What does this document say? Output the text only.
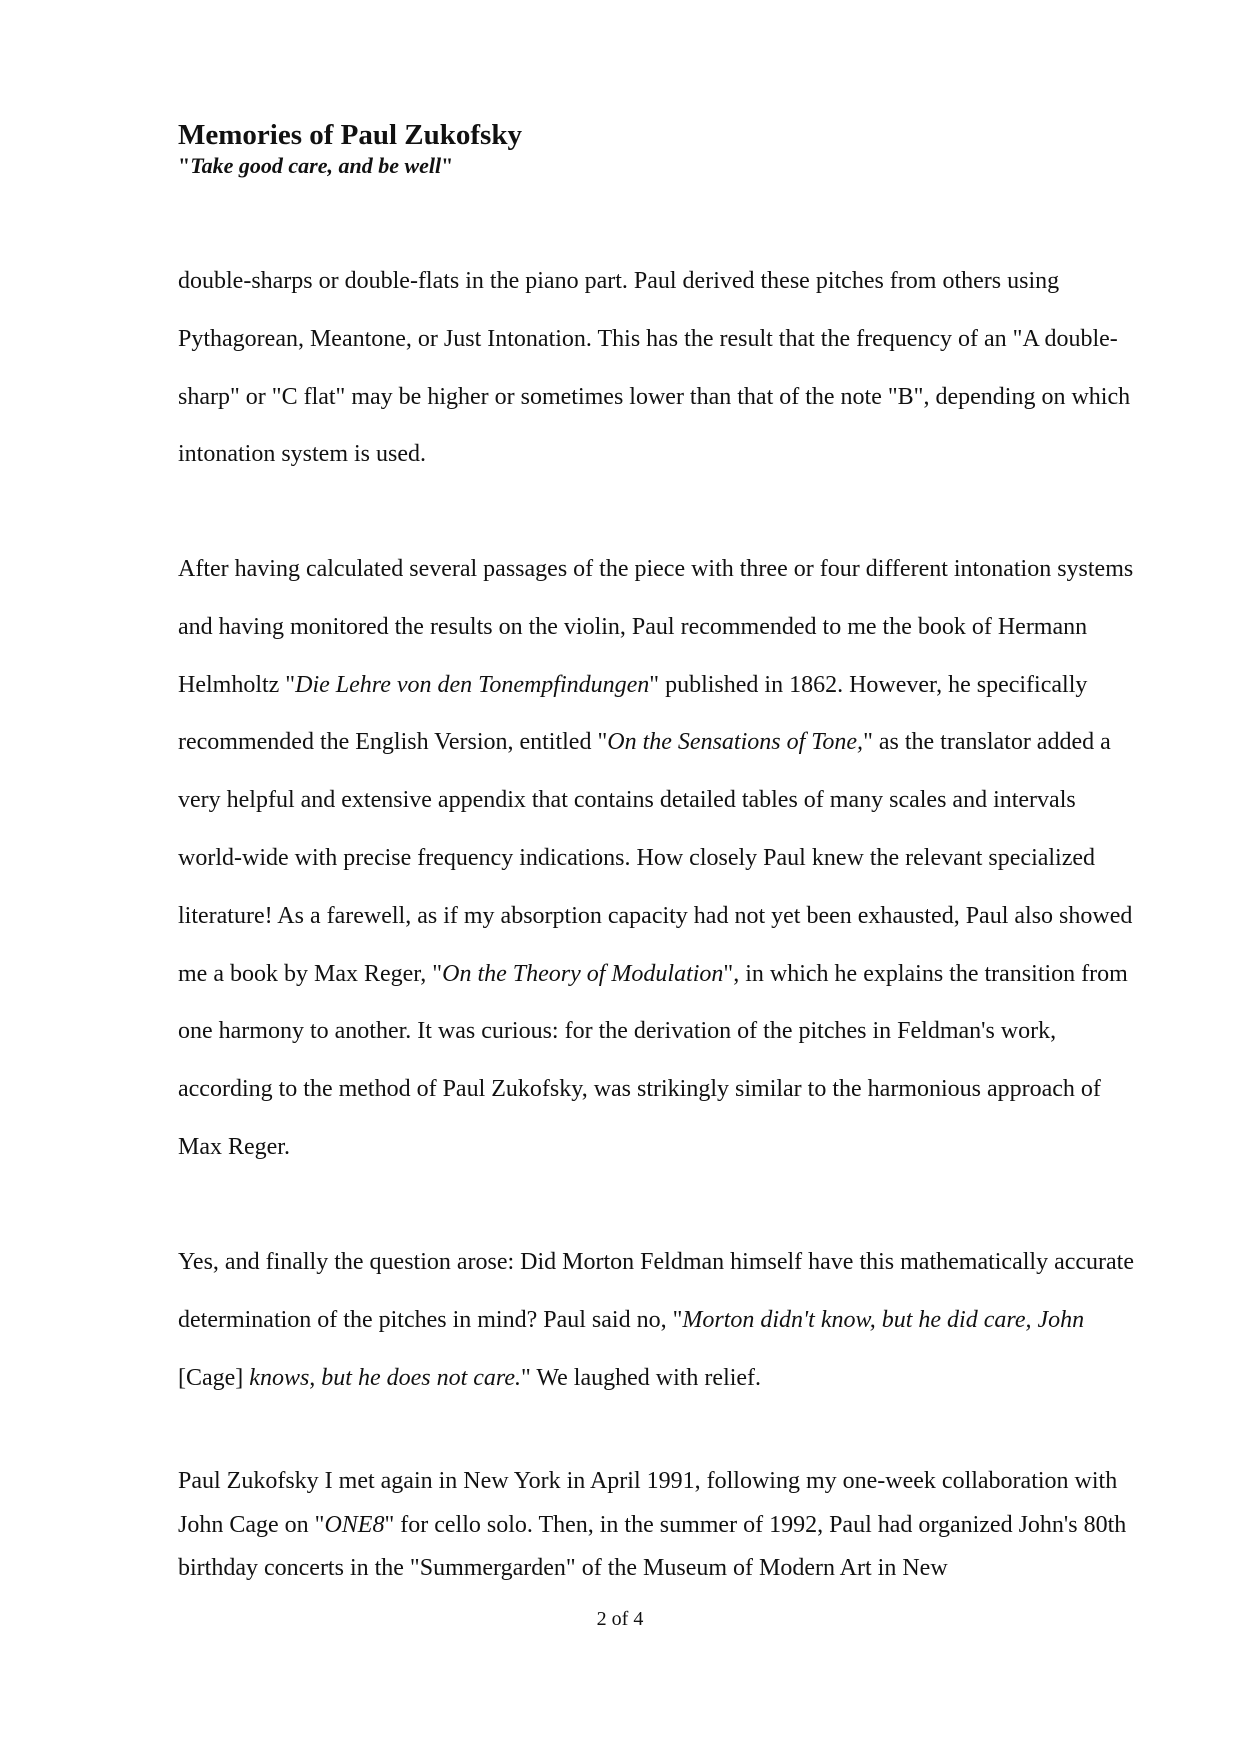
Memories of Paul Zukofsky

"Take good care, and be well"

double-sharps or double-flats in the piano part. Paul derived these pitches from others using Pythagorean, Meantone, or Just Intonation. This has the result that the frequency of an "A double-sharp" or "C flat" may be higher or sometimes lower than that of the note "B", depending on which intonation system is used.

After having calculated several passages of the piece with three or four different intonation systems and having monitored the results on the violin, Paul recommended to me the book of Hermann Helmholtz "Die Lehre von den Tonempfindungen" published in 1862. However, he specifically recommended the English Version, entitled "On the Sensations of Tone," as the translator added a very helpful and extensive appendix that contains detailed tables of many scales and intervals world-wide with precise frequency indications. How closely Paul knew the relevant specialized literature! As a farewell, as if my absorption capacity had not yet been exhausted, Paul also showed me a book by Max Reger, "On the Theory of Modulation", in which he explains the transition from one harmony to another. It was curious: for the derivation of the pitches in Feldman's work, according to the method of Paul Zukofsky, was strikingly similar to the harmonious approach of Max Reger.

Yes, and finally the question arose: Did Morton Feldman himself have this mathematically accurate determination of the pitches in mind? Paul said no, "Morton didn't know, but he did care, John [Cage] knows, but he does not care." We laughed with relief.

Paul Zukofsky I met again in New York in April 1991, following my one-week collaboration with John Cage on "ONE8" for cello solo. Then, in the summer of 1992, Paul had organized John's 80th birthday concerts in the "Summergarden" of the Museum of Modern Art in New

2 of 4
